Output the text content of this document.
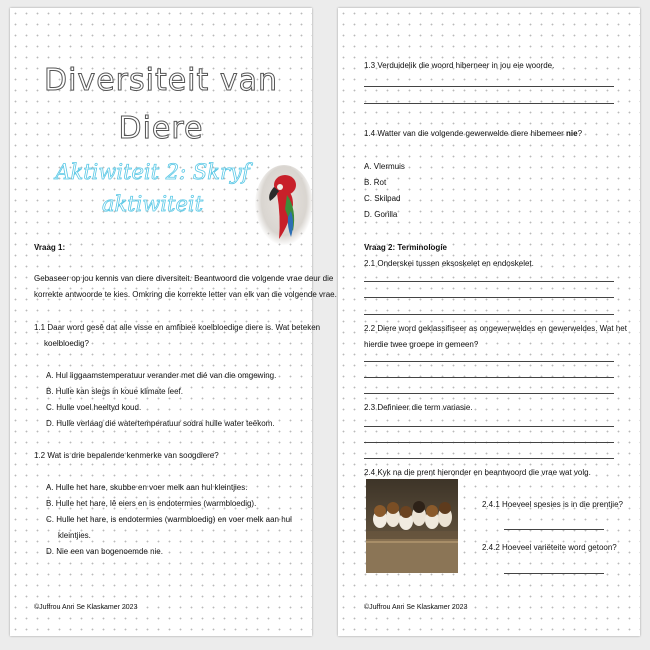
Diversiteit van
Diere
Aktiwiteit 2: Skryf
aktiwiteit
Vraag 1:
Gebaseer op jou kennis van diere diversiteit. Beantwoord die volgende vrae deur die
korrekte antwoorde te kies. Omkring die korrekte letter van elk van die volgende vrae.
1.1 Daar word gesê dat alle visse en amfibieë koelbloedige diere is. Wat beteken
koelbloedig?
A. Hul liggaamstemperatuur verander met dié van die omgewing.
B. Hulle kan slegs in koue klimate leef.
C. Hulle voel heeltyd koud.
D. Hulle verlaag die watertemperatuur sodra hulle water teëkom.
1.2 Wat is drie bepalende kenmerke van soogdiere?
A. Hulle het hare, skubbe en voer melk aan hul kleintjies.
B. Hulle het hare, lê eiers en is endotermies (warmbloedig).
C. Hulle het hare, is endotermies (warmbloedig) en voer melk aan hul
kleintjies.
D. Nie een van bogenoemde nie.
©Juffrou Anri Se Klaskamer 2023
1.3 Verduidelik die woord hiberneer in jou eie woorde.
1.4 Watter van die volgende gewerwelde diere hibemeer nie?
A. Vlermuis
B. Rot
C. Skilpad
D. Gorilla
Vraag 2: Terminologie
2.1 Onderskei tussen eksoskelet en endoskelet.
2.2 Diere word geklassifiseer as ongewerweldes en gewerweldes. Wat het
hierdie twee groepe in gemeen?
2.3 Definieer die term variasie.
2.4 Kyk na die prent hieronder en beantwoord die vrae wat volg.
2.4.1 Hoeveel spesies is in die prentjie?
2.4.2 Hoeveel variëteite word getoon?
©Juffrou Anri Se Klaskamer 2023
